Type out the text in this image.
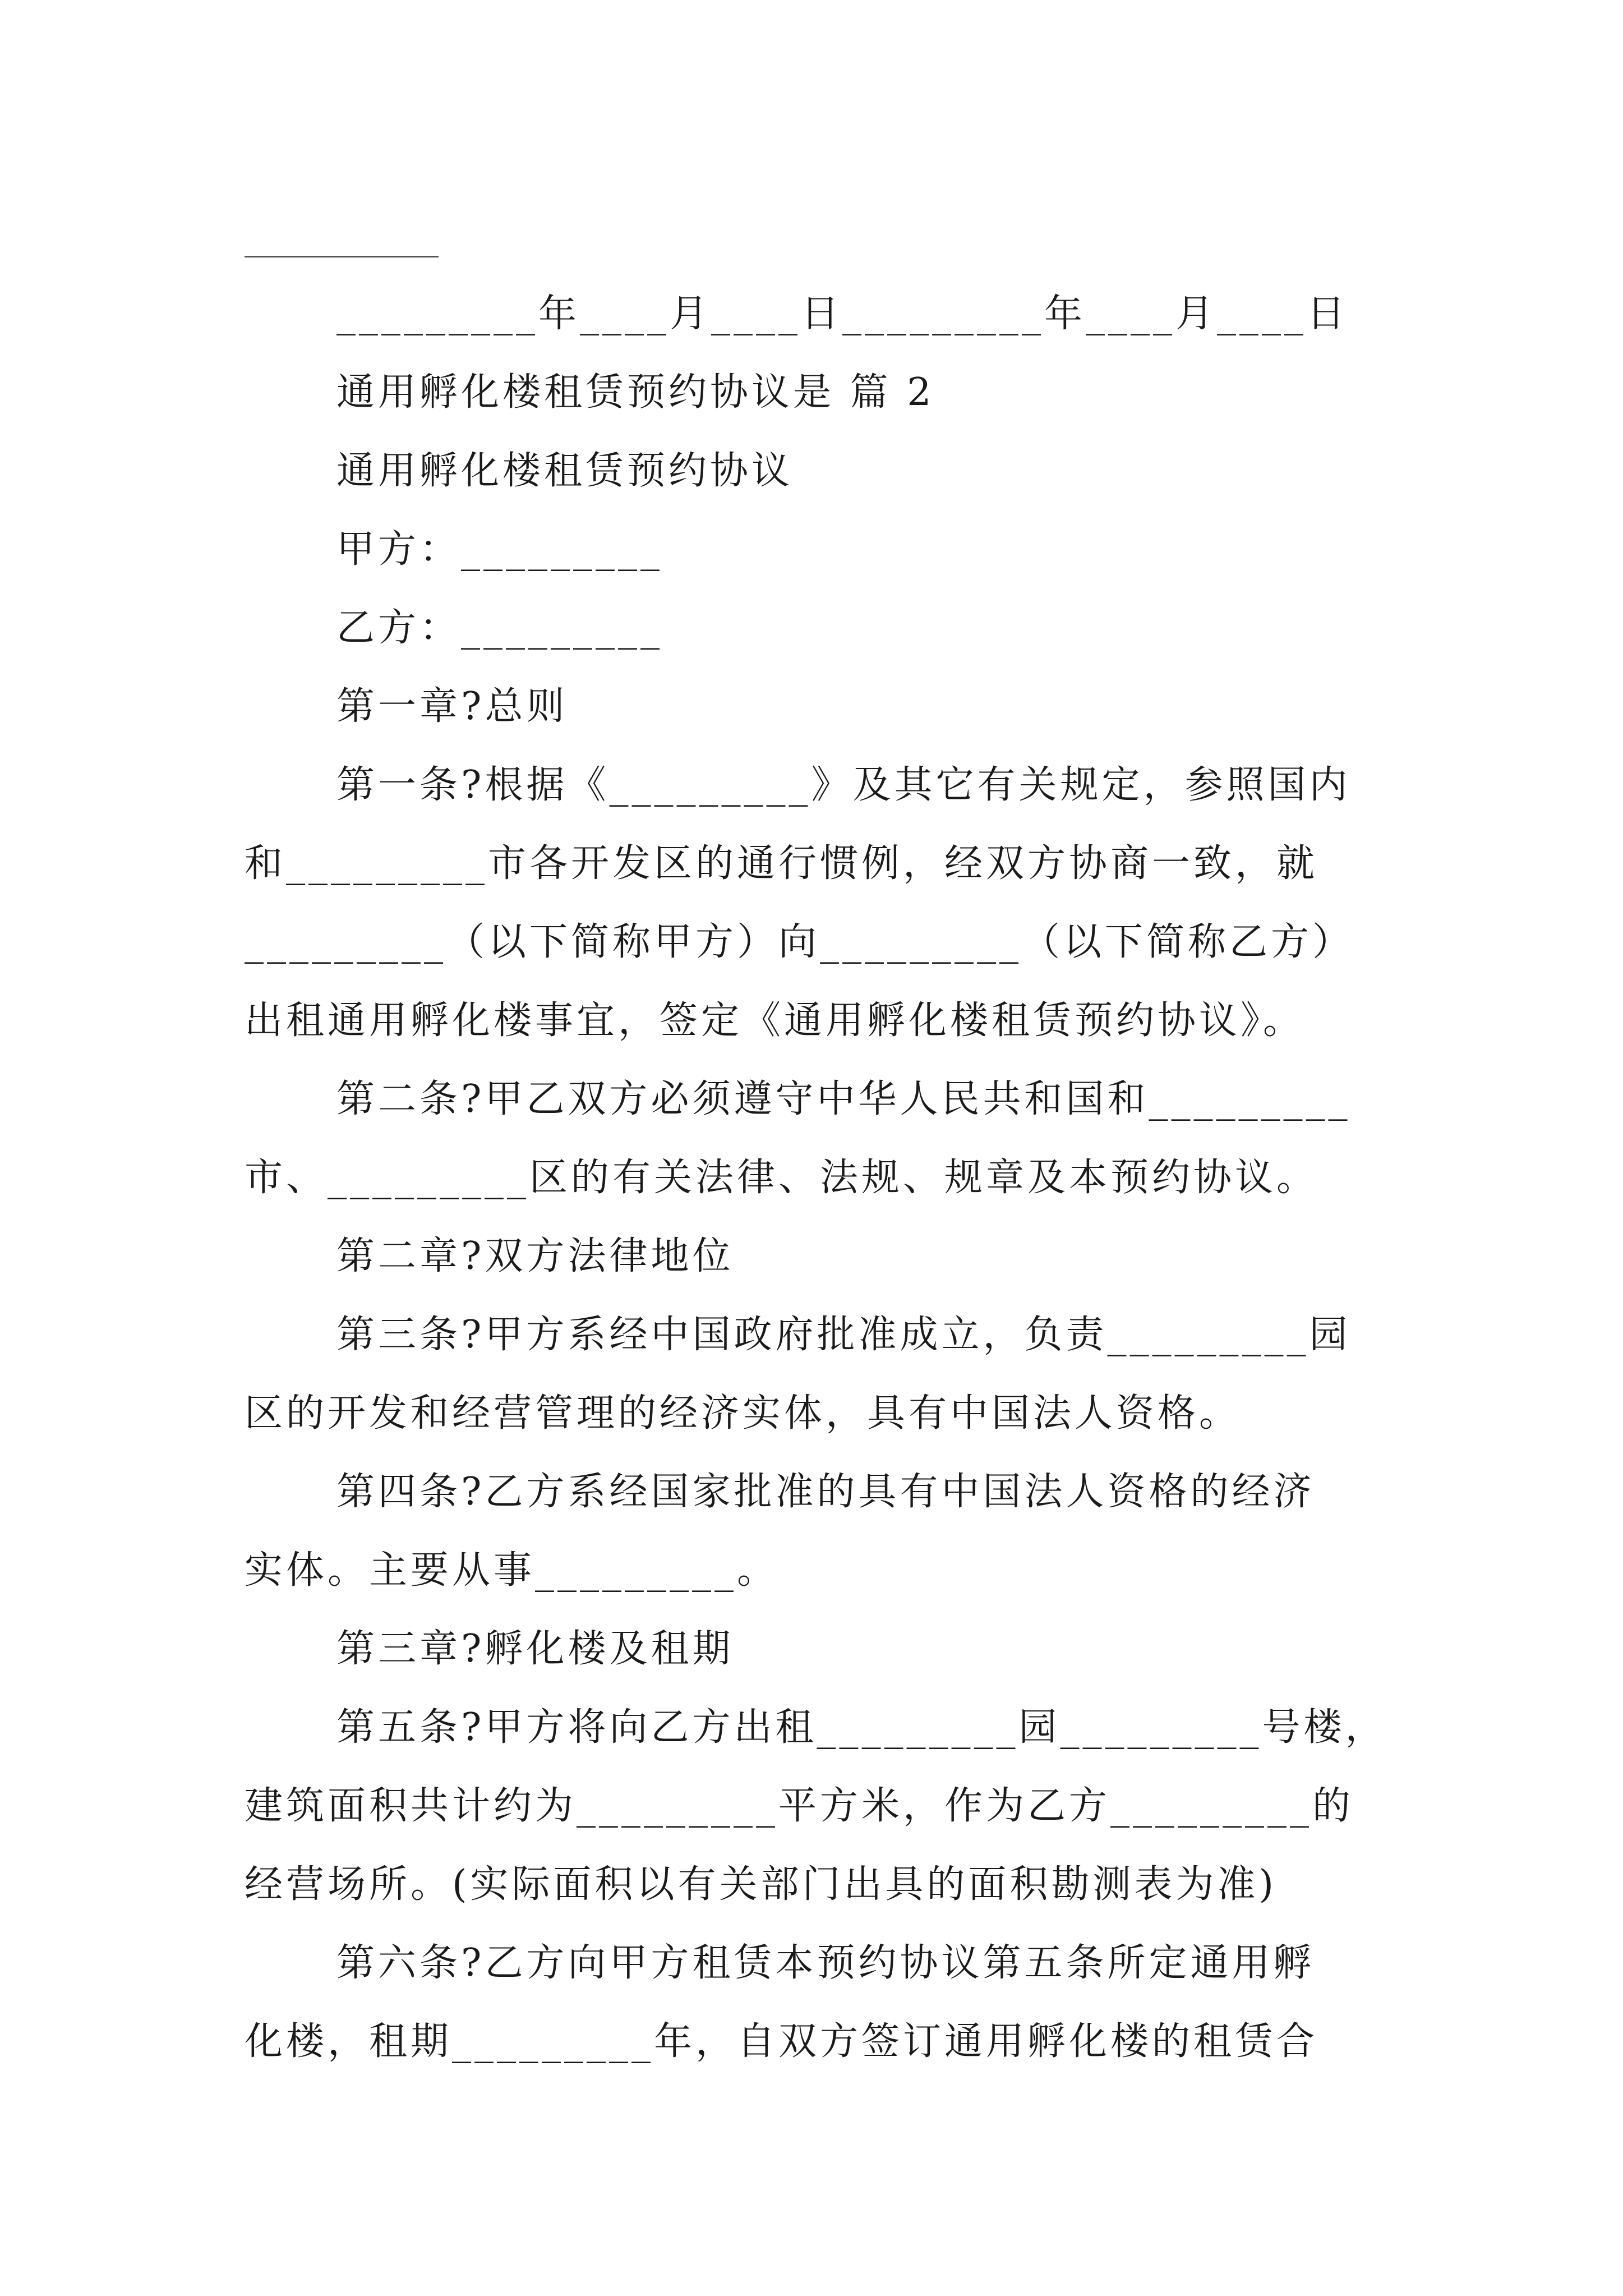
_________年____月____日_________年____月____日
通用孵化楼租赁预约协议是 篇 2
通用孵化楼租赁预约协议
甲方：_________
乙方：_________
第一章?总则
第一条?根据《_________》及其它有关规定，参照国内
和_________市各开发区的通行惯例，经双方协商一致，就
_________（以下简称甲方）向_________（以下简称乙方）
出租通用孵化楼事宜，签定《通用孵化楼租赁预约协议》。
第二条?甲乙双方必须遵守中华人民共和国和_________
市、_________区的有关法律、法规、规章及本预约协议。
第二章?双方法律地位
第三条?甲方系经中国政府批准成立，负责_________园
区的开发和经营管理的经济实体，具有中国法人资格。
第四条?乙方系经国家批准的具有中国法人资格的经济
实体。主要从事_________。
第三章?孵化楼及租期
第五条?甲方将向乙方出租_________园_________号楼，
建筑面积共计约为_________平方米，作为乙方_________的
经营场所。(实际面积以有关部门出具的面积勘测表为准)
第六条?乙方向甲方租赁本预约协议第五条所定通用孵
化楼，租期_________年，自双方签订通用孵化楼的租赁合
